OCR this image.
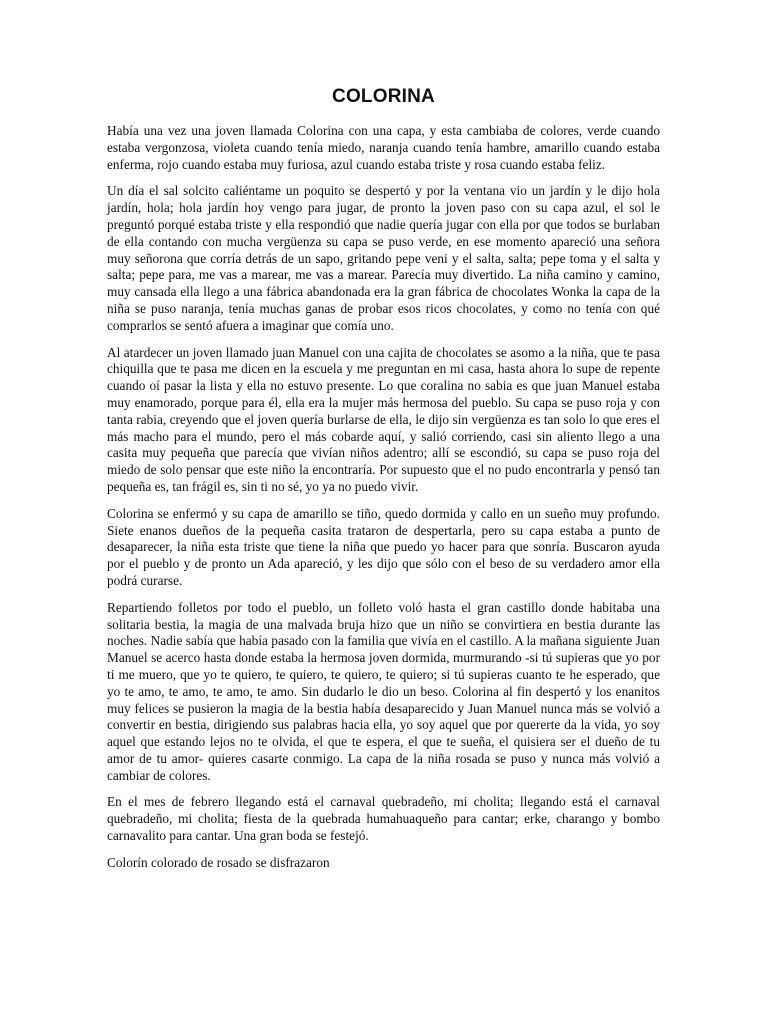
COLORINA

Había una vez una joven llamada Colorina con una capa, y esta cambiaba de colores, verde cuando estaba vergonzosa, violeta cuando tenía miedo, naranja cuando tenía hambre, amarillo cuando estaba enferma, rojo cuando estaba muy furiosa, azul cuando estaba triste y rosa cuando estaba feliz.

Un día el sal solcito caliéntame un poquito se despertó y por la ventana vio un jardín y le dijo hola jardín, hola; hola jardín hoy vengo para jugar, de pronto la joven paso con su capa azul, el sol le preguntó porqué estaba triste y ella respondió que nadie quería jugar con ella por que todos se burlaban de ella contando con mucha vergüenza su capa se puso verde, en ese momento apareció una señora muy señorona que corría detrás de un sapo, gritando pepe veni y el salta, salta; pepe toma y el salta y salta; pepe para, me vas a marear, me vas a marear. Parecía muy divertido. La niña camino y camino, muy cansada ella llego a una fábrica abandonada era la gran fábrica de chocolates Wonka la capa de la niña se puso naranja, tenía muchas ganas de probar esos ricos chocolates, y como no tenía con qué comprarlos se sentó afuera a imaginar que comía uno.

Al atardecer un joven llamado juan Manuel con una cajita de chocolates se asomo a la niña, que te pasa chiquilla que te pasa me dicen en la escuela y me preguntan en mi casa, hasta ahora lo supe de repente cuando oí pasar la lista y ella no estuvo presente. Lo que coralina no sabia es que juan Manuel estaba muy enamorado, porque para él, ella era la mujer más hermosa del pueblo. Su capa se puso roja y con tanta rabia, creyendo que el joven quería burlarse de ella, le dijo sin vergüenza es tan solo lo que eres el más macho para el mundo, pero el más cobarde aquí, y salió corriendo, casi sin aliento llego a una casita muy pequeña que parecía que vivían niños adentro; allí se escondió, su capa se puso roja del miedo de solo pensar que este niño la encontraría. Por supuesto que el no pudo encontrarla y pensó tan pequeña es, tan frágil es, sin ti no sé, yo ya no puedo vivir.

Colorina se enfermó y su capa de amarillo se tiño, quedo dormida y callo en un sueño muy profundo. Siete enanos dueños de la pequeña casita trataron de despertarla, pero su capa estaba a punto de desaparecer, la niña esta triste que tiene la niña que puedo yo hacer para que sonría. Buscaron ayuda por el pueblo y de pronto un Ada apareció, y les dijo que sólo con el beso de su verdadero amor ella podrá curarse.

Repartiendo folletos por todo el pueblo, un folleto voló hasta el gran castillo donde habitaba una solitaria bestia, la magia de una malvada bruja hizo que un niño se convirtiera en bestia durante las noches. Nadie sabía que había pasado con la familia que vivía en el castillo. A la mañana siguiente Juan Manuel se acerco hasta donde estaba la hermosa joven dormida, murmurando -si tú supieras que yo por ti me muero, que yo te quiero, te quiero, te quiero, te quiero; si tú supieras cuanto te he esperado, que yo te amo, te amo, te amo, te amo. Sin dudarlo le dio un beso. Colorina al fin despertó y los enanitos muy felices se pusieron la magia de la bestia había desaparecido y Juan Manuel nunca más se volvió a convertir en bestia, dirigiendo sus palabras hacia ella, yo soy aquel que por quererte da la vida, yo soy aquel que estando lejos no te olvida, el que te espera, el que te sueña, el quisiera ser el dueño de tu amor de tu amor- quieres casarte conmigo. La capa de la niña rosada se puso y nunca más volvió a cambiar de colores.

En el mes de febrero llegando está el carnaval quebradeño, mi cholita; llegando está el carnaval quebradeño, mi cholita; fiesta de la quebrada humahuaqueño para cantar; erke, charango y bombo carnavalito para cantar. Una gran boda se festejó.

Colorín colorado de rosado se disfrazaron
